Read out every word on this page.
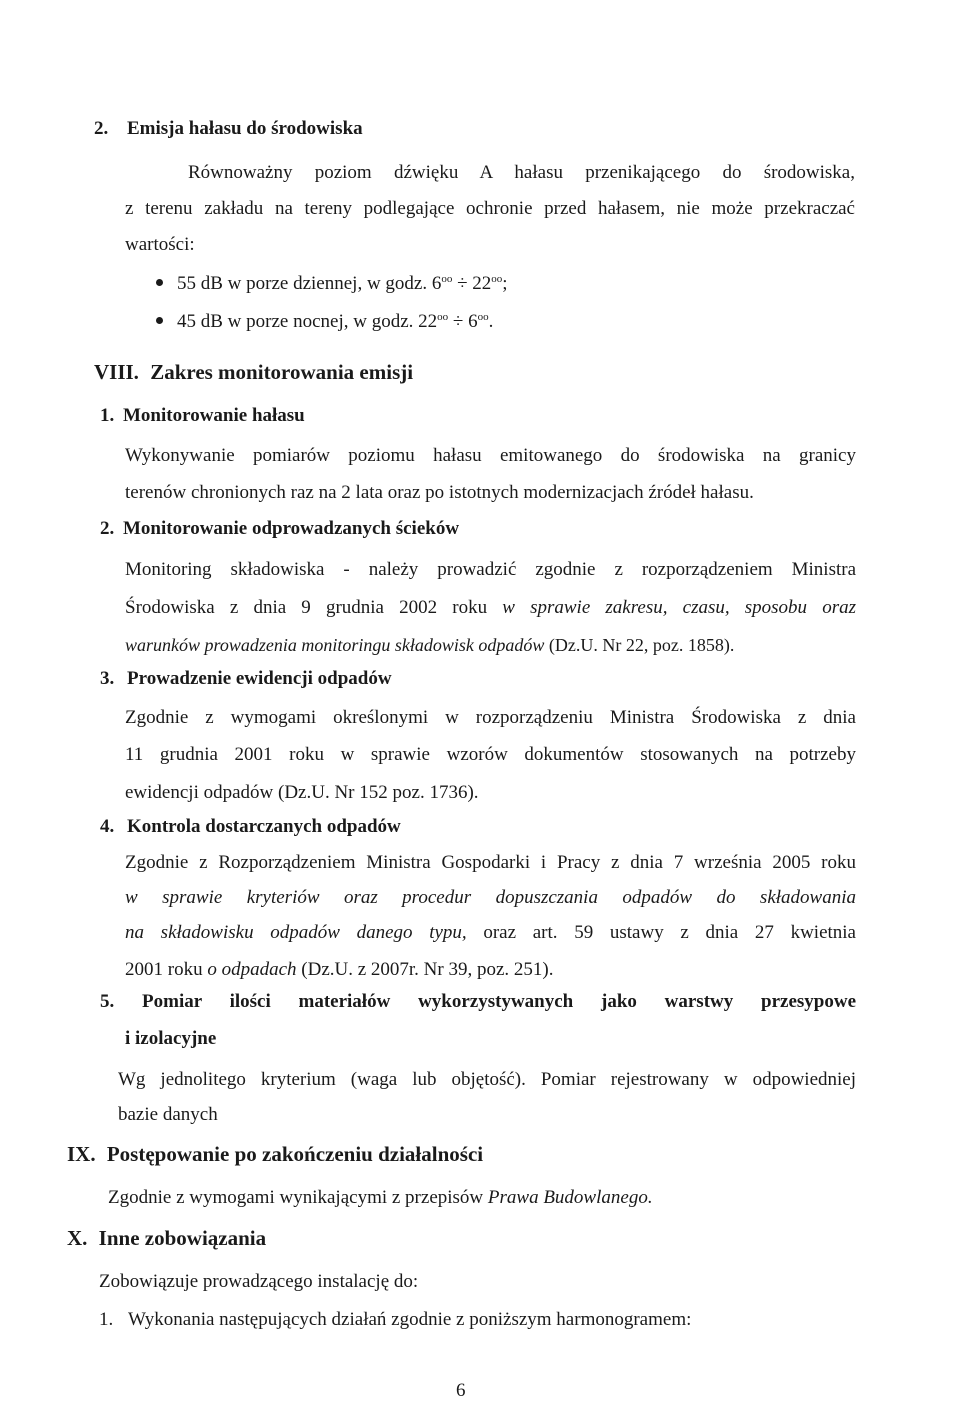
2. Emisja hałasu do środowiska
Równoważny poziom dźwięku A hałasu przenikającego do środowiska,
z terenu zakładu na tereny podlegające ochronie przed hałasem, nie może przekraczać
wartości:
55 dB w porze dziennej, w godz. $6^{oo} \div 22^{oo}$;
45 dB w porze nocnej, w godz. $22^{oo} \div 6^{oo}$.
VIII. Zakres monitorowania emisji
1. Monitorowanie hałasu
Wykonywanie pomiarów poziomu hałasu emitowanego do środowiska na granicy
terenów chronionych raz na 2 lata oraz po istotnych modernizacjach źródeł hałasu.
2. Monitorowanie odprowadzanych ścieków
Monitoring składowiska - należy prowadzić zgodnie z rozporządzeniem Ministra
Środowiska z dnia 9 grudnia 2002 roku w sprawie zakresu, czasu, sposobu oraz
warunków prowadzenia monitoringu składowisk odpadów (Dz.U. Nr 22, poz. 1858).
3. Prowadzenie ewidencji odpadów
Zgodnie z wymogami określonymi w rozporządzeniu Ministra Środowiska z dnia
11 grudnia 2001 roku w sprawie wzorów dokumentów stosowanych na potrzeby
ewidencji odpadów (Dz.U. Nr 152 poz. 1736).
4. Kontrola dostarczanych odpadów
Zgodnie z Rozporządzeniem Ministra Gospodarki i Pracy z dnia 7 września 2005 roku
w sprawie kryteriów oraz procedur dopuszczania odpadów do składowania
na składowisku odpadów danego typu, oraz art. 59 ustawy z dnia 27 kwietnia
2001 roku o odpadach (Dz.U. z 2007r. Nr 39, poz. 251).
5. Pomiar ilości materiałów wykorzystywanych jako warstwy przesypowe
i izolacyjne
Wg jednolitego kryterium (waga lub objętość). Pomiar rejestrowany w odpowiedniej
bazie danych
IX. Postępowanie po zakończeniu działalności
Zgodnie z wymogami wynikającymi z przepisów Prawa Budowlanego.
X. Inne zobowiązania
Zobowiązuje prowadzącego instalację do:
1. Wykonania następujących działań zgodnie z poniższym harmonogramem:
6
